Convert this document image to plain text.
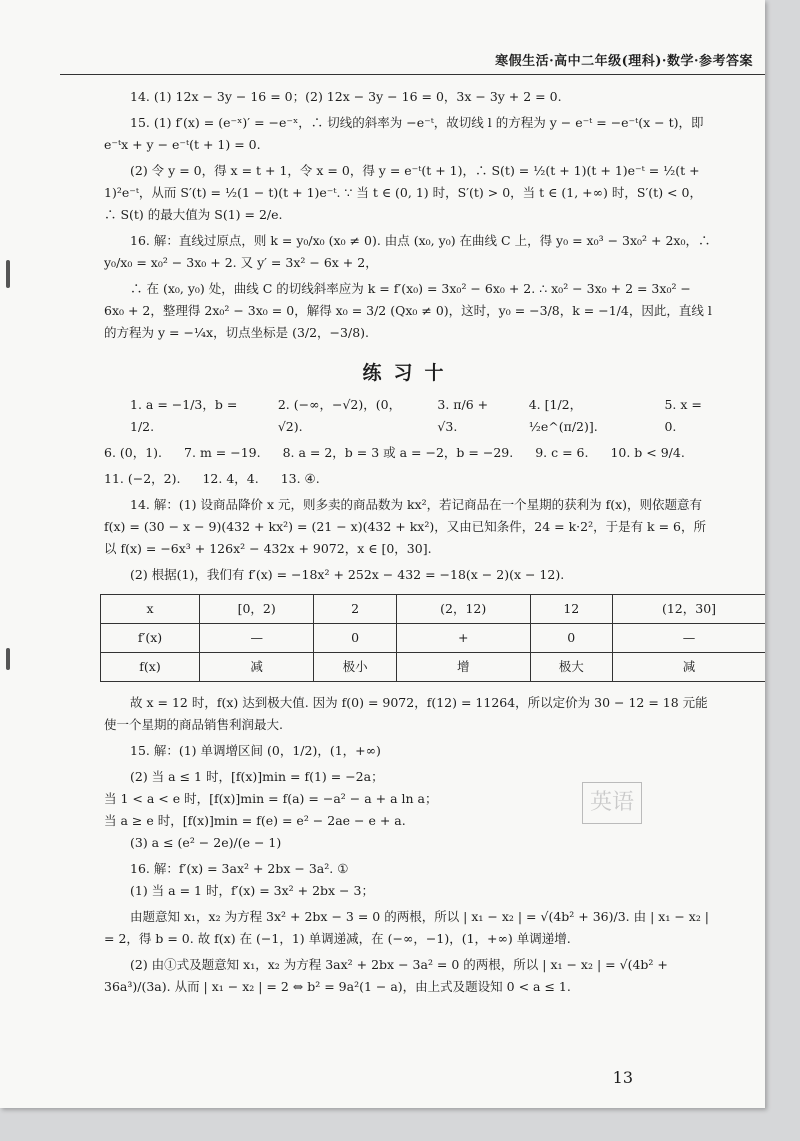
寒假生活·高中二年级(理科)·数学·参考答案
英语

14. (1) 12x − 3y − 16 = 0；(2) 12x − 3y − 16 = 0，3x − 3y + 2 = 0.

15. (1) f′(x) = (e⁻ˣ)′ = −e⁻ˣ，∴ 切线的斜率为 −e⁻ᵗ，故切线 l 的方程为 y − e⁻ᵗ = −e⁻ᵗ(x − t)，即 e⁻ᵗx + y − e⁻ᵗ(t + 1) = 0.

(2) 令 y = 0，得 x = t + 1，令 x = 0，得 y = e⁻ᵗ(t + 1)，∴ S(t) = ½(t + 1)(t + 1)e⁻ᵗ = ½(t + 1)²e⁻ᵗ，从而 S′(t) = ½(1 − t)(t + 1)e⁻ᵗ. ∵ 当 t ∈ (0, 1) 时，S′(t) > 0，当 t ∈ (1, +∞) 时，S′(t) < 0，∴ S(t) 的最大值为 S(1) = 2/e.

16. 解：直线过原点，则 k = y₀/x₀ (x₀ ≠ 0). 由点 (x₀, y₀) 在曲线 C 上，得 y₀ = x₀³ − 3x₀² + 2x₀，∴ y₀/x₀ = x₀² − 3x₀ + 2. 又 y′ = 3x² − 6x + 2，

∴ 在 (x₀, y₀) 处，曲线 C 的切线斜率应为 k = f′(x₀) = 3x₀² − 6x₀ + 2. ∴ x₀² − 3x₀ + 2 = 3x₀² − 6x₀ + 2，整理得 2x₀² − 3x₀ = 0，解得 x₀ = 3/2 (Qx₀ ≠ 0)，这时，y₀ = −3/8，k = −1/4，因此，直线 l 的方程为 y = −¼x，切点坐标是 (3/2，−3/8).

练习十
1. a = −1/3，b = 1/2.
2. (−∞，−√2)，(0，√2).
3. π/6 + √3.
4. [1/2，½e^(π/2)].
5. x = 0.
6. (0，1). 7. m = −19. 8. a = 2，b = 3 或 a = −2，b = −29. 9. c = 6. 10. b < 9/4.
11. (−2，2). 12. 4，4. 13. ④.

14. 解：(1) 设商品降价 x 元，则多卖的商品数为 kx²，若记商品在一个星期的获利为 f(x)，则依题意有 f(x) = (30 − x − 9)(432 + kx²) = (21 − x)(432 + kx²)，又由已知条件，24 = k·2²，于是有 k = 6，所以 f(x) = −6x³ + 126x² − 432x + 9072，x ∈ [0，30].

(2) 根据(1)，我们有 f′(x) = −18x² + 252x − 432 = −18(x − 2)(x − 12).

x	[0，2)	2	(2，12)	12	(12，30]
f′(x)	—	0	+	0	—
f(x)	减	极小	增	极大	减

故 x = 12 时，f(x) 达到极大值. 因为 f(0) = 9072，f(12) = 11264，所以定价为 30 − 12 = 18 元能使一个星期的商品销售利润最大.

15. 解：(1) 单调增区间 (0，1/2)，(1，+∞)

(2) 当 a ≤ 1 时，[f(x)]min = f(1) = −2a；

当 1 < a < e 时，[f(x)]min = f(a) = −a² − a + a ln a；

当 a ≥ e 时，[f(x)]min = f(e) = e² − 2ae − e + a.

(3) a ≤ (e² − 2e)/(e − 1)

16. 解：f′(x) = 3ax² + 2bx − 3a². ①

(1) 当 a = 1 时，f′(x) = 3x² + 2bx − 3；

由题意知 x₁，x₂ 为方程 3x² + 2bx − 3 = 0 的两根，所以 | x₁ − x₂ | = √(4b² + 36)/3. 由 | x₁ − x₂ | = 2，得 b = 0. 故 f(x) 在 (−1，1) 单调递减，在 (−∞，−1)，(1，+∞) 单调递增.

(2) 由①式及题意知 x₁，x₂ 为方程 3ax² + 2bx − 3a² = 0 的两根，所以 | x₁ − x₂ | = √(4b² + 36a³)/(3a). 从而 | x₁ − x₂ | = 2 ⇔ b² = 9a²(1 − a)，由上式及题设知 0 < a ≤ 1.

13
